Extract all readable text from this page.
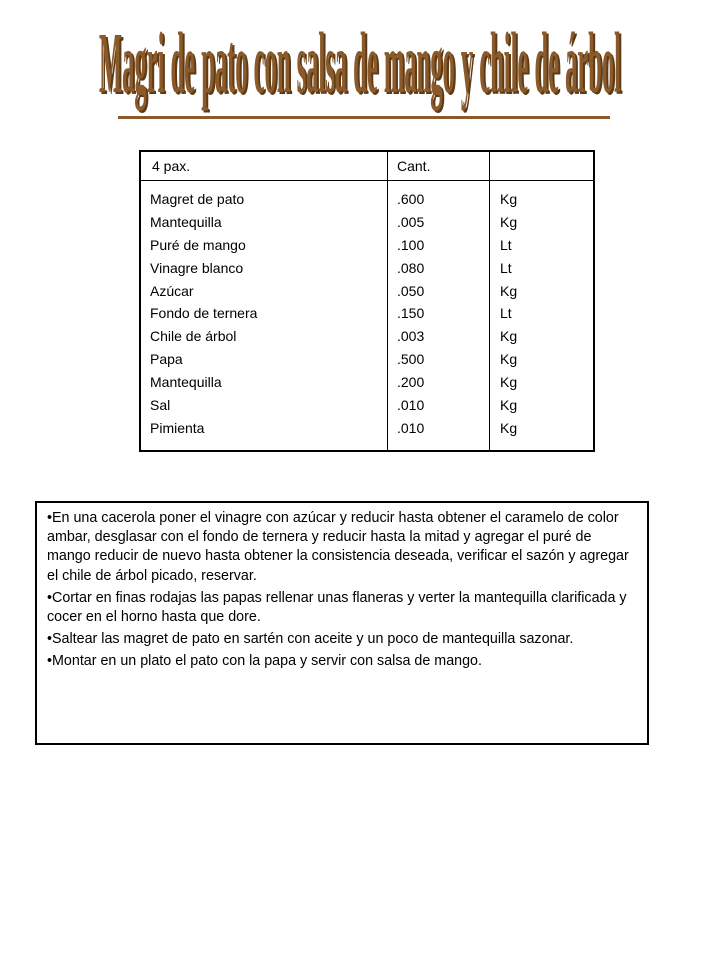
Magri de pato con salsa de mango y chile de árbol
Magri de pato con salsa de mango y chile de árbol
4 pax.	Cant.
Magret de pato
Mantequilla
Puré de mango
Vinagre blanco
Azúcar
Fondo de ternera
Chile de árbol
Papa
Mantequilla
Sal
Pimienta
.600
.005
.100
.080
.050
.150
.003
.500
.200
.010
.010
Kg
Kg
Lt
Lt
Kg
Lt
Kg
Kg
Kg
Kg
Kg
•En una cacerola poner el vinagre con azúcar y reducir hasta obtener el caramelo de color ambar, desglasar con el fondo de ternera y reducir hasta la mitad y agregar el puré de mango reducir de nuevo hasta obtener la consistencia deseada, verificar el sazón y agregar el chile de árbol picado, reservar.
•Cortar en finas rodajas las papas rellenar unas flaneras y verter la mantequilla clarificada y cocer en el horno hasta que dore.
•Saltear las magret de pato en sartén con aceite y un poco de mantequilla sazonar.
•Montar en un plato el pato con la papa y servir con salsa de mango.
